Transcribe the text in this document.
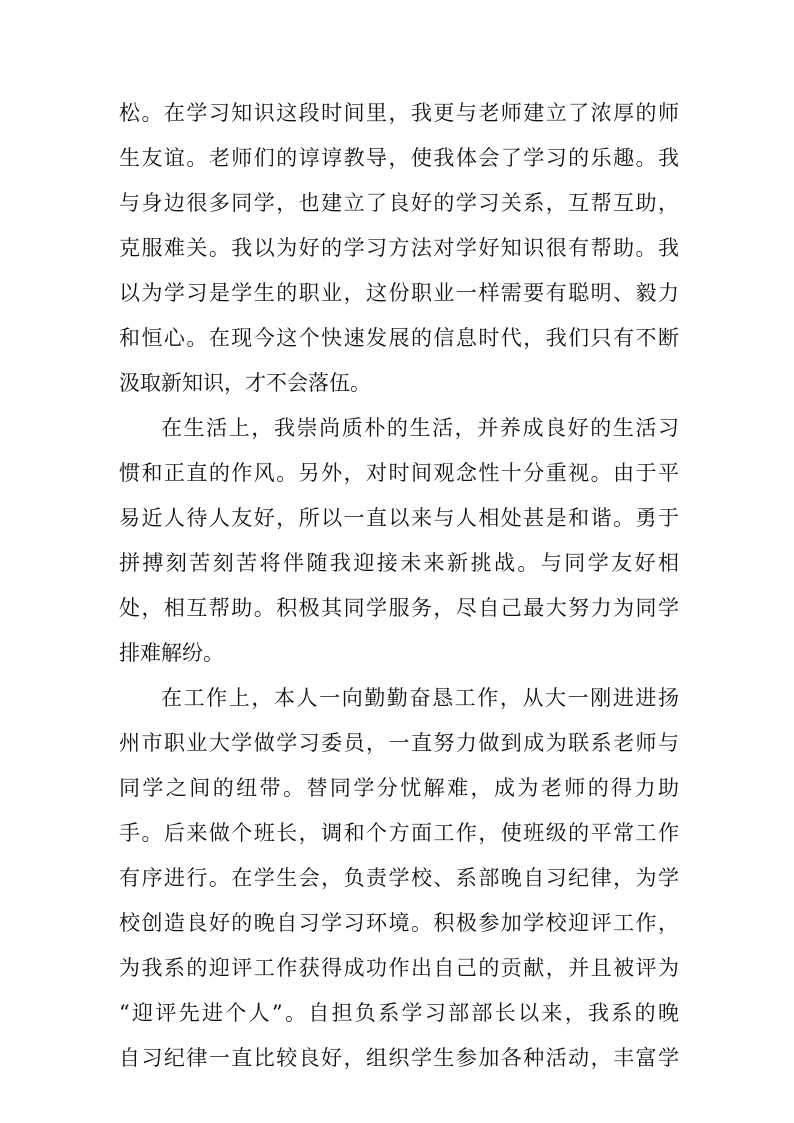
松。在学习知识这段时间里，我更与老师建立了浓厚的师
生友谊。老师们的谆谆教导，使我体会了学习的乐趣。我
与身边很多同学，也建立了良好的学习关系，互帮互助，
克服难关。我以为好的学习方法对学好知识很有帮助。我
以为学习是学生的职业，这份职业一样需要有聪明、毅力
和恒心。在现今这个快速发展的信息时代，我们只有不断
汲取新知识，才不会落伍。
在生活上，我崇尚质朴的生活，并养成良好的生活习
惯和正直的作风。另外，对时间观念性十分重视。由于平
易近人待人友好，所以一直以来与人相处甚是和谐。勇于
拼搏刻苦刻苦将伴随我迎接未来新挑战。与同学友好相
处，相互帮助。积极其同学服务，尽自己最大努力为同学
排难解纷。
在工作上，本人一向勤勤奋恳工作，从大一刚进进扬
州市职业大学做学习委员，一直努力做到成为联系老师与
同学之间的纽带。替同学分忧解难，成为老师的得力助
手。后来做个班长，调和个方面工作，使班级的平常工作
有序进行。在学生会，负责学校、系部晚自习纪律，为学
校创造良好的晚自习学习环境。积极参加学校迎评工作，
为我系的迎评工作获得成功作出自己的贡献，并且被评为
“迎评先进个人”。自担负系学习部部长以来，我系的晚
自习纪律一直比较良好，组织学生参加各种活动，丰富学
